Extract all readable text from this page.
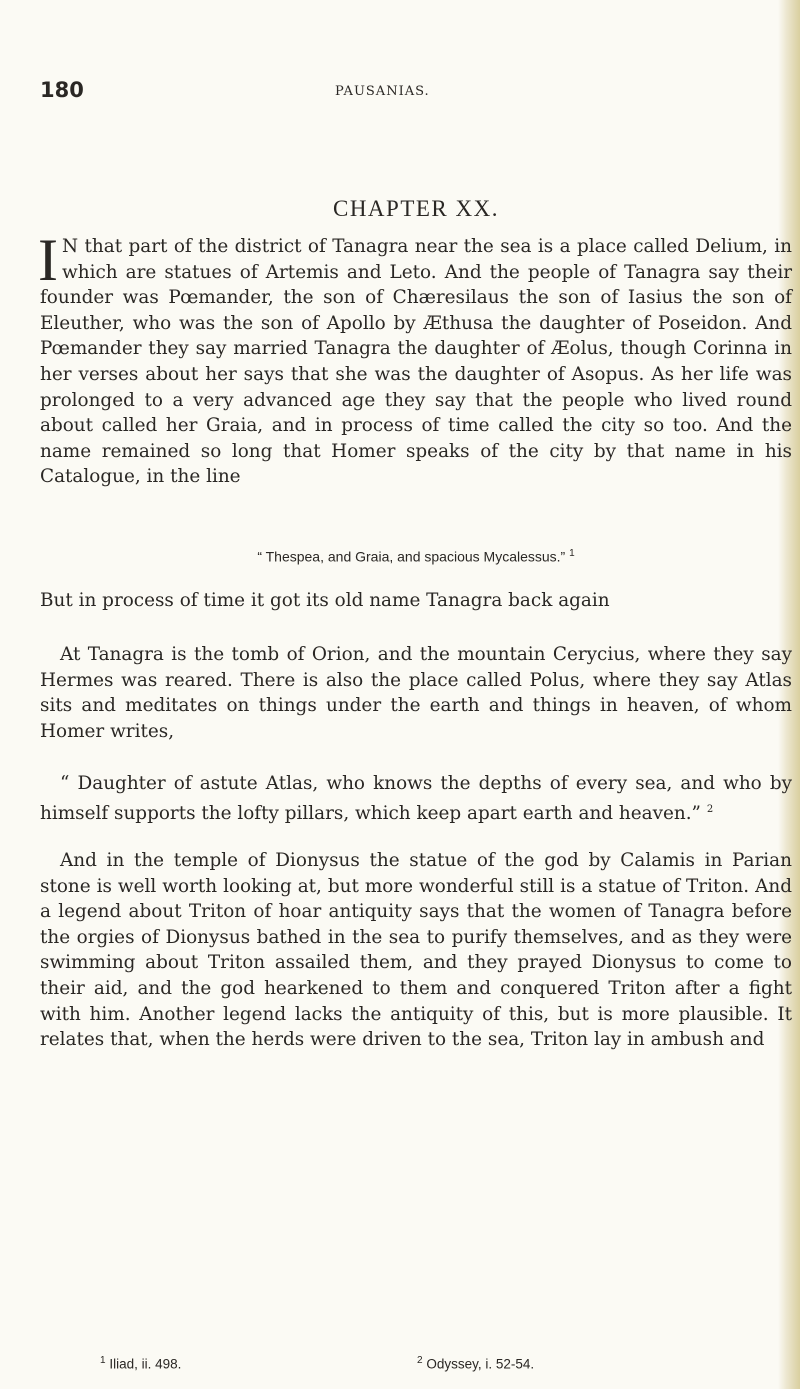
180	PAUSANIAS.
CHAPTER XX.
I N that part of the district of Tanagra near the sea is a place called Delium, in which are statues of Artemis and Leto. And the people of Tanagra say their founder was Pœmander, the son of Chæresilaus the son of Iasius the son of Eleuther, who was the son of Apollo by Æthusa the daughter of Poseidon. And Pœmander they say married Tanagra the daughter of Æolus, though Corinna in her verses about her says that she was the daughter of Asopus. As her life was prolonged to a very advanced age they say that the people who lived round about called her Graia, and in process of time called the city so too. And the name remained so long that Homer speaks of the city by that name in his Catalogue, in the line
“ Thespea, and Graia, and spacious Mycalessus.” $^1$
But in process of time it got its old name Tanagra back again
At Tanagra is the tomb of Orion, and the mountain Cerycius, where they say Hermes was reared. There is also the place called Polus, where they say Atlas sits and meditates on things under the earth and things in heaven, of whom Homer writes,
“ Daughter of astute Atlas, who knows the depths of every sea, and who by himself supports the lofty pillars, which keep apart earth and heaven.” $^2$
And in the temple of Dionysus the statue of the god by Calamis in Parian stone is well worth looking at, but more wonderful still is a statue of Triton. And a legend about Triton of hoar antiquity says that the women of Tanagra before the orgies of Dionysus bathed in the sea to purify themselves, and as they were swimming about Triton assailed them, and they prayed Dionysus to come to their aid, and the god hearkened to them and conquered Triton after a fight with him. Another legend lacks the antiquity of this, but is more plausible. It relates that, when the herds were driven to the sea, Triton lay in ambush and
$^1$ Iliad, ii. 498.	$^2$ Odyssey, i. 52-54.
